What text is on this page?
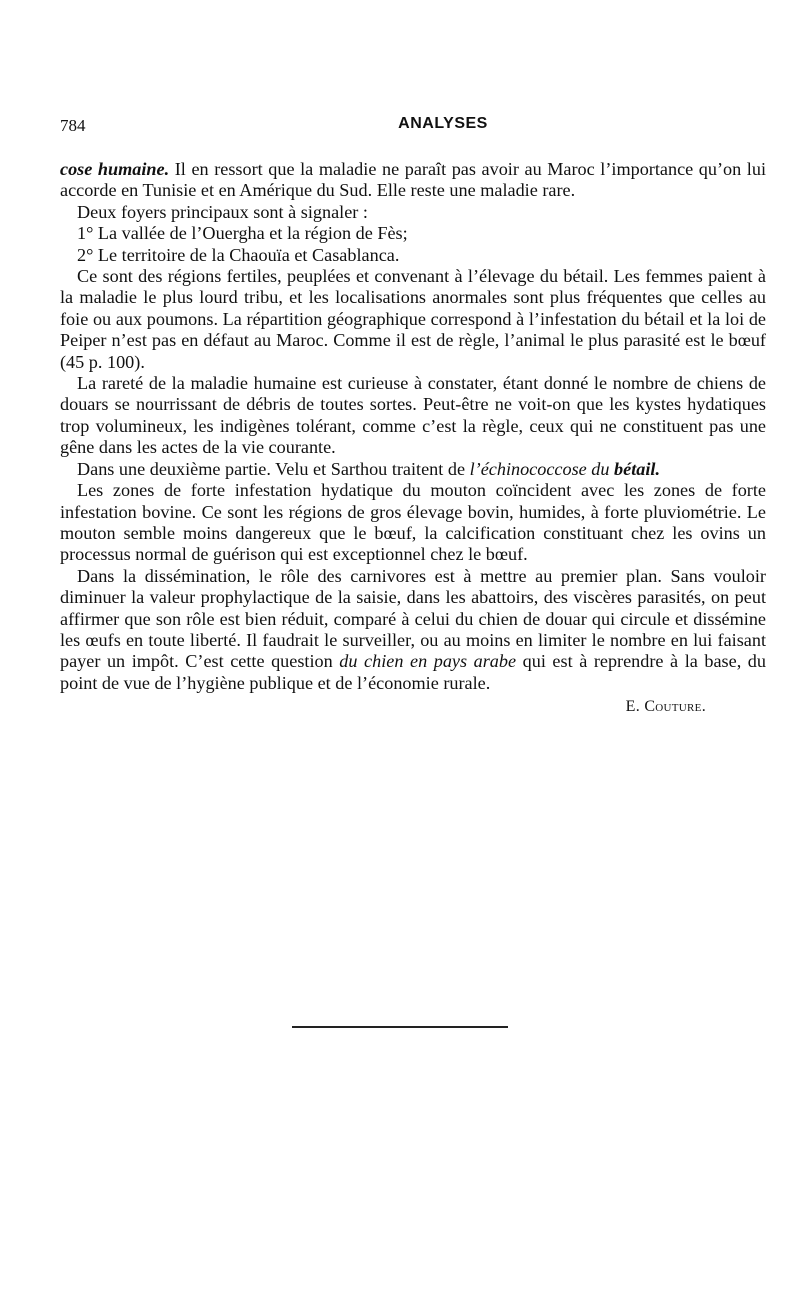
784	ANALYSES

cose humaine. Il en ressort que la maladie ne paraît pas avoir au Maroc l’importance qu’on lui accorde en Tunisie et en Amérique du Sud. Elle reste une maladie rare.

Deux foyers principaux sont à signaler :

1° La vallée de l’Ouergha et la région de Fès;

2° Le territoire de la Chaouïa et Casablanca.

Ce sont des régions fertiles, peuplées et convenant à l’élevage du bétail. Les femmes paient à la maladie le plus lourd tribu, et les localisations anormales sont plus fréquentes que celles au foie ou aux poumons. La répartition géographique correspond à l’infestation du bétail et la loi de Peiper n’est pas en défaut au Maroc. Comme il est de règle, l’animal le plus parasité est le bœuf (45 p. 100).

La rareté de la maladie humaine est curieuse à constater, étant donné le nombre de chiens de douars se nourrissant de débris de toutes sortes. Peut-être ne voit-on que les kystes hydatiques trop volumineux, les indigènes tolérant, comme c’est la règle, ceux qui ne constituent pas une gêne dans les actes de la vie courante.

Dans une deuxième partie. Velu et Sarthou traitent de l’échinococcose du bétail.

Les zones de forte infestation hydatique du mouton coïncident avec les zones de forte infestation bovine. Ce sont les régions de gros élevage bovin, humides, à forte pluviométrie. Le mouton semble moins dangereux que le bœuf, la calcification constituant chez les ovins un processus normal de guérison qui est exceptionnel chez le bœuf.

Dans la dissémination, le rôle des carnivores est à mettre au premier plan. Sans vouloir diminuer la valeur prophylactique de la saisie, dans les abattoirs, des viscères parasités, on peut affirmer que son rôle est bien réduit, comparé à celui du chien de douar qui circule et dissémine les œufs en toute liberté. Il faudrait le surveiller, ou au moins en limiter le nombre en lui faisant payer un impôt. C’est cette question du chien en pays arabe qui est à reprendre à la base, du point de vue de l’hygiène publique et de l’économie rurale.

E. Couture.
